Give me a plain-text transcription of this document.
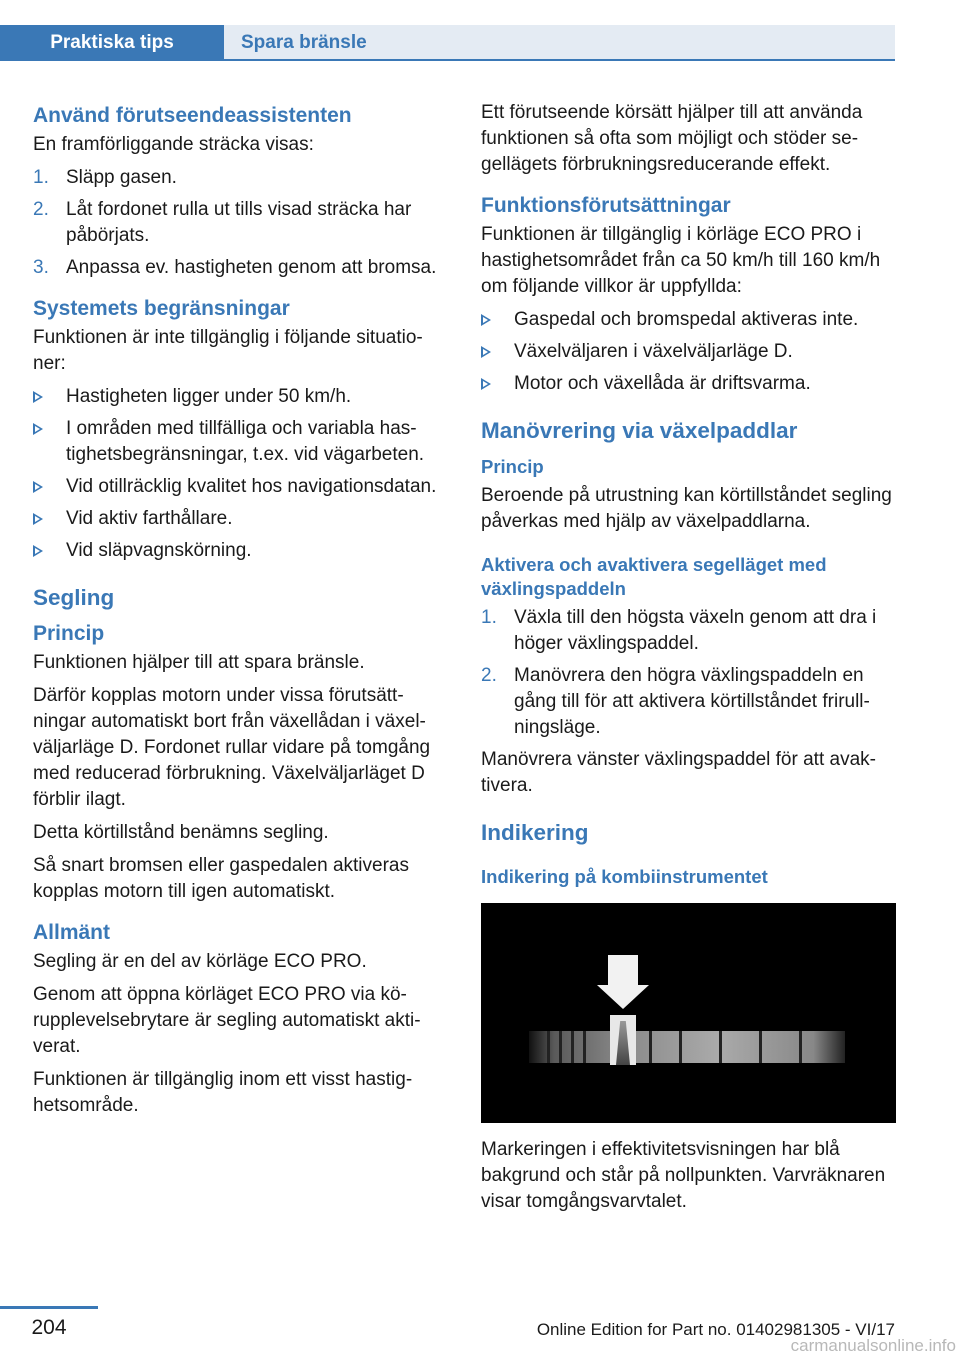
Praktiska tips	Spara bränsle
Använd förutseendeassistenten

En framförliggande sträcka visas:

1. Släpp gasen.
2. Låt fordonet rulla ut tills visad sträcka har påbörjats.
3. Anpassa ev. hastigheten genom att bromsa.
Systemets begränsningar

Funktionen är inte tillgänglig i följande situationer:

Hastigheten ligger under 50 km/h.
I områden med tillfälliga och variabla hastighetsbegränsningar, t.ex. vid vägarbeten.
Vid otillräcklig kvalitet hos navigationsdatan.
Vid aktiv farthållare.
Vid släpvagnskörning.
Segling
Princip

Funktionen hjälper till att spara bränsle.

Därför kopplas motorn under vissa förutsättningar automatiskt bort från växellådan i växelväljarläge D. Fordonet rullar vidare på tomgång med reducerad förbrukning. Växelväljarläget D förblir ilagt.

Detta körtillstånd benämns segling.

Så snart bromsen eller gaspedalen aktiveras kopplas motorn till igen automatiskt.

Allmänt

Segling är en del av körläge ECO PRO.

Genom att öppna körläget ECO PRO via körupplevelsebrytare är segling automatiskt aktiverat.

Funktionen är tillgänglig inom ett visst hastighetsområde.

Ett förutseende körsätt hjälper till att använda funktionen så ofta som möjligt och stöder segellägets förbrukningsreducerande effekt.

Funktionsförutsättningar

Funktionen är tillgänglig i körläge ECO PRO i hastighetsområdet från ca 50 km/h till 160 km/h om följande villkor är uppfyllda:

Gaspedal och bromspedal aktiveras inte.
Växelväljaren i växelväljarläge D.
Motor och växellåda är driftsvarma.
Manövrering via växelpaddlar
Princip

Beroende på utrustning kan körtillståndet segling påverkas med hjälp av växelpaddlarna.

Aktivera och avaktivera segelläget med växlingspaddeln
1. Växla till den högsta växeln genom att dra i höger växlingspaddel.
2. Manövrera den högra växlingspaddeln en gång till för att aktivera körtillståndet frirullningsläge.

Manövrera vänster växlingspaddel för att avaktivera.

Indikering
Indikering på kombiinstrumentet

Markeringen i effektivitetsvisningen har blå bakgrund och står på nollpunkten. Varvräknaren visar tomgångsvarvtalet.

204	Online Edition for Part no. 01402981305 - VI/17
carmanualsonline.info
